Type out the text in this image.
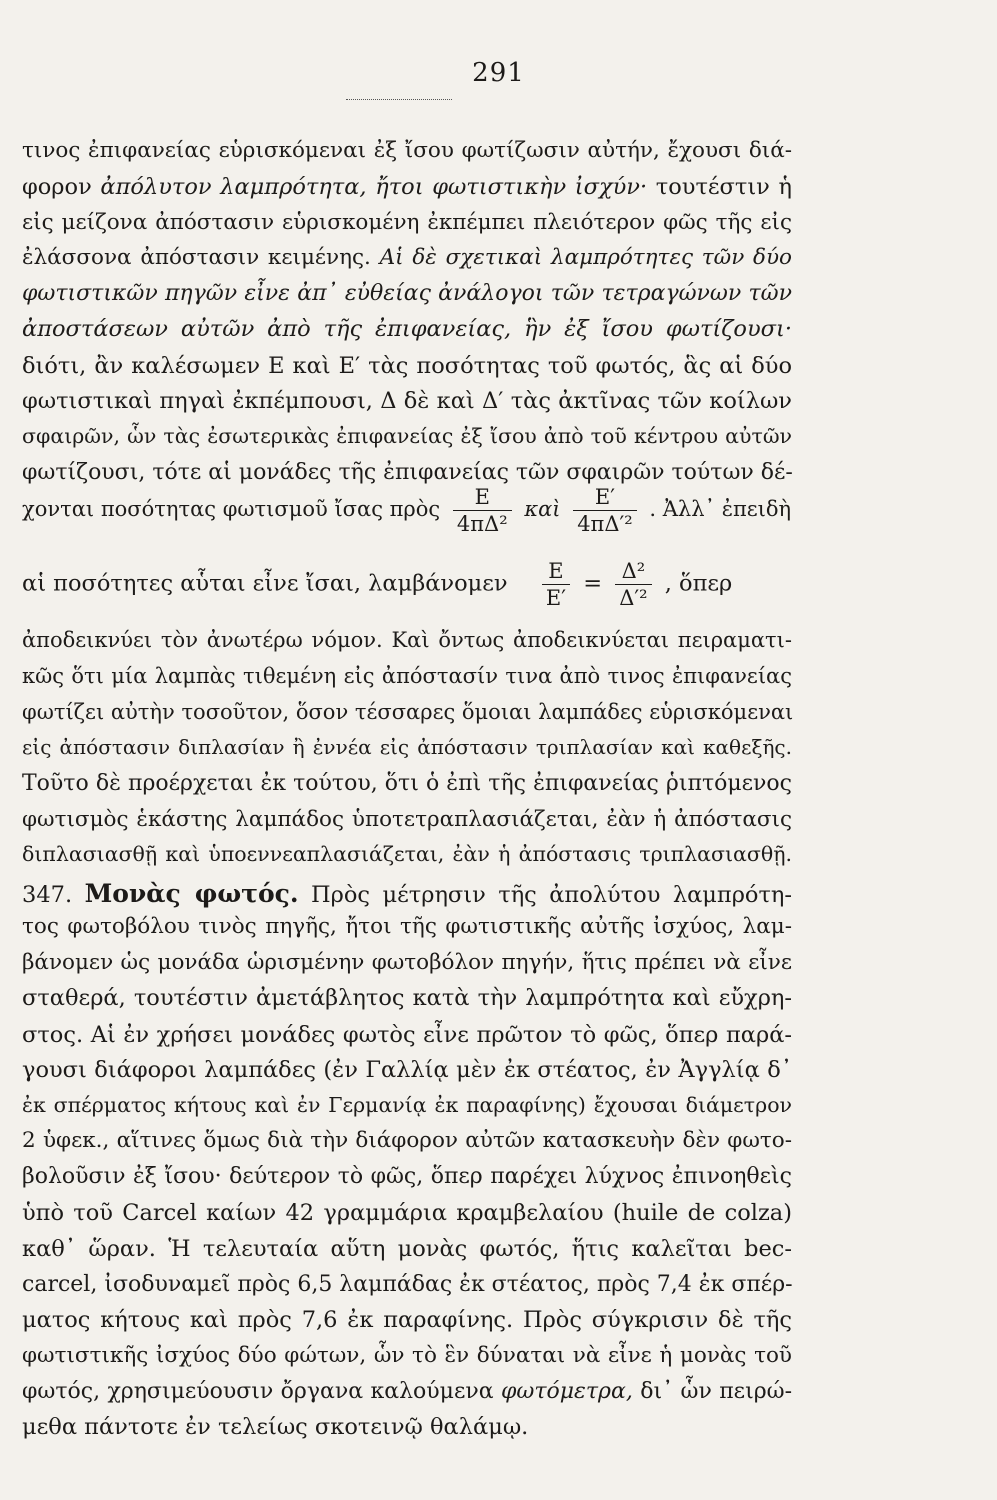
291
τινος ἐπιφανείας εὑρισκόμεναι ἐξ ἴσου φωτίζωσιν αὐτήν, ἔχουσι διά-
φορον ἀπόλυτον λαμπρότητα, ἤτοι φωτιστικὴν ἰσχύν· τουτέστιν ἡ
εἰς μείζονα ἀπόστασιν εὑρισκομένη ἐκπέμπει πλειότερον φῶς τῆς εἰς
ἐλάσσονα ἀπόστασιν κειμένης. Αἱ δὲ σχετικαὶ λαμπρότητες τῶν δύο
φωτιστικῶν πηγῶν εἶνε ἀπ᾽ εὐθείας ἀνάλογοι τῶν τετραγώνων τῶν
ἀποστάσεων αὐτῶν ἀπὸ τῆς ἐπιφανείας, ἣν ἐξ ἴσου φωτίζουσι·
διότι, ἂν καλέσωμεν E καὶ E′ τὰς ποσότητας τοῦ φωτός, ἃς αἱ δύο
φωτιστικαὶ πηγαὶ ἐκπέμπουσι, Δ δὲ καὶ Δ′ τὰς ἀκτῖνας τῶν κοίλων
σφαιρῶν, ὧν τὰς ἐσωτερικὰς ἐπιφανείας ἐξ ἴσου ἀπὸ τοῦ κέντρου αὐτῶν
φωτίζουσι, τότε αἱ μονάδες τῆς ἐπιφανείας τῶν σφαιρῶν τούτων δέ-
χονται ποσότητας φωτισμοῦ ἴσας πρὸς $\frac{E}{\text{4πΔ²}}$ καὶ $\frac{E'}{\text{4πΔ′²}}$ . Ἀλλ᾽ ἐπειδὴ
αἱ ποσότητες αὗται εἶνε ἴσαι, λαμβάνομεν $\frac{E}{E'} = \frac{\text{Δ²}}{\text{Δ′²}}$ , ὅπερ
ἀποδεικνύει τὸν ἀνωτέρω νόμον. Καὶ ὄντως ἀποδεικνύεται πειραματι-
κῶς ὅτι μία λαμπὰς τιθεμένη εἰς ἀπόστασίν τινα ἀπὸ τινος ἐπιφανείας
φωτίζει αὐτὴν τοσοῦτον, ὅσον τέσσαρες ὅμοιαι λαμπάδες εὑρισκόμεναι
εἰς ἀπόστασιν διπλασίαν ἢ ἐννέα εἰς ἀπόστασιν τριπλασίαν καὶ καθεξῆς.
Τοῦτο δὲ προέρχεται ἐκ τούτου, ὅτι ὁ ἐπὶ τῆς ἐπιφανείας ῥιπτόμενος
φωτισμὸς ἑκάστης λαμπάδος ὑποτετραπλασιάζεται, ἐὰν ἡ ἀπόστασις
διπλασιασθῇ καὶ ὑποεννεαπλασιάζεται, ἐὰν ἡ ἀπόστασις τριπλασιασθῇ.
347. Μονὰς φωτός. Πρὸς μέτρησιν τῆς ἀπολύτου λαμπρότη-
τος φωτοβόλου τινὸς πηγῆς, ἤτοι τῆς φωτιστικῆς αὐτῆς ἰσχύος, λαμ-
βάνομεν ὡς μονάδα ὡρισμένην φωτοβόλον πηγήν, ἥτις πρέπει νὰ εἶνε
σταθερά, τουτέστιν ἀμετάβλητος κατὰ τὴν λαμπρότητα καὶ εὔχρη-
στος. Αἱ ἐν χρήσει μονάδες φωτὸς εἶνε πρῶτον τὸ φῶς, ὅπερ παρά-
γουσι διάφοροι λαμπάδες (ἐν Γαλλίᾳ μὲν ἐκ στέατος, ἐν Ἀγγλίᾳ δ᾽
ἐκ σπέρματος κήτους καὶ ἐν Γερμανίᾳ ἐκ παραφίνης) ἔχουσαι διάμετρον
2 ὑφεκ., αἵτινες ὅμως διὰ τὴν διάφορον αὐτῶν κατασκευὴν δὲν φωτο-
βολοῦσιν ἐξ ἴσου· δεύτερον τὸ φῶς, ὅπερ παρέχει λύχνος ἐπινοηθεὶς
ὑπὸ τοῦ Carcel καίων 42 γραμμάρια κραμβελαίου (huile de colza)
καθ᾽ ὥραν. Ἡ τελευταία αὕτη μονὰς φωτός, ἥτις καλεῖται bec-
carcel, ἰσοδυναμεῖ πρὸς 6,5 λαμπάδας ἐκ στέατος, πρὸς 7,4 ἐκ σπέρ-
ματος κήτους καὶ πρὸς 7,6 ἐκ παραφίνης. Πρὸς σύγκρισιν δὲ τῆς
φωτιστικῆς ἰσχύος δύο φώτων, ὧν τὸ ἓν δύναται νὰ εἶνε ἡ μονὰς τοῦ
φωτός, χρησιμεύουσιν ὄργανα καλούμενα φωτόμετρα, δι᾽ ὧν πειρώ-
μεθα πάντοτε ἐν τελείως σκοτεινῷ θαλάμῳ.
